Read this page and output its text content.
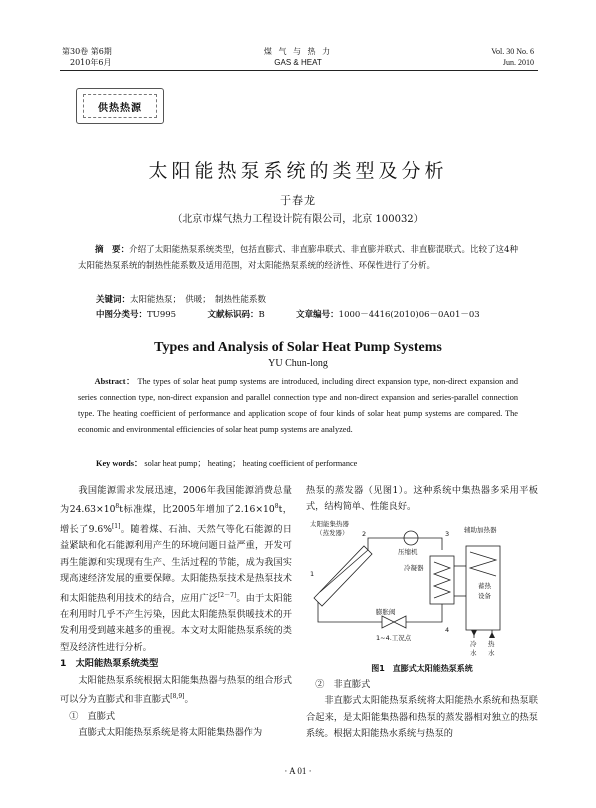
第30卷 第6期
2010年6月
煤 气 与 热 力
GAS & HEAT
Vol. 30 No. 6
Jun. 2010
供热热源
太阳能热泵系统的类型及分析
于春龙
（北京市煤气热力工程设计院有限公司，北京 100032）
摘　要：介绍了太阳能热泵系统类型，包括直膨式、非直膨串联式、非直膨并联式、非直膨混联式。比较了这4种太阳能热泵系统的制热性能系数及适用范围，对太阳能热泵系统的经济性、环保性进行了分析。
关键词：太阳能热泵；　供暖；　制热性能系数
中图分类号：TU995	文献标识码：B	文章编号：1000－4416(2010)06－0A01－03
Types and Analysis of Solar Heat Pump Systems
YU Chun-long
Abstract： The types of solar heat pump systems are introduced, including direct expansion type, non-direct expansion and series connection type, non-direct expansion and parallel connection type and non-direct expansion and series-parallel connection type. The heating coefficient of performance and application scope of four kinds of solar heat pump systems are compared. The economic and environmental efficiencies of solar heat pump systems are analyzed.
Key words： solar heat pump； heating； heating coefficient of performance

我国能源需求发展迅速，2006年我国能源消费总量为$24.63\times 10^8t$标准煤，比2005年增加了$2.16\times 10^8t$，增长了9.6%[1]。随着煤、石油、天然气等化石能源的日益紧缺和化石能源利用产生的环境问题日益严重，开发可再生能源和实现现有生产、生活过程的节能，成为我国实现高速经济发展的重要保障。太阳能热泵技术是热泵技术和太阳能热利用技术的结合，应用广泛[2－7]。由于太阳能在利用时几乎不产生污染，因此太阳能热泵供暖技术的开发利用受到越来越多的重视。本文对太阳能热泵系统的类型及经济性进行分析。

1　太阳能热泵系统类型

太阳能热泵系统根据太阳能集热器与热泵的组合形式可以分为直膨式和非直膨式[8,9]。

①　直膨式

直膨式太阳能热泵系统是将太阳能集热器作为

热泵的蒸发器（见图1）。这种系统中集热器多采用平板式，结构简单、性能良好。

太阳能集热器
（蒸发器）
压缩机
冷凝器
膨胀阀
辅助加热器
蓄热
设备
冷
水
热
水
1
2	3
4
1~4.工况点
图1　直膨式太阳能热泵系统

②　非直膨式

非直膨式太阳能热泵系统将太阳能热水系统和热泵联合起来，是太阳能集热器和热泵的蒸发器相对独立的热泵系统。根据太阳能热水系统与热泵的

· A 01 ·
